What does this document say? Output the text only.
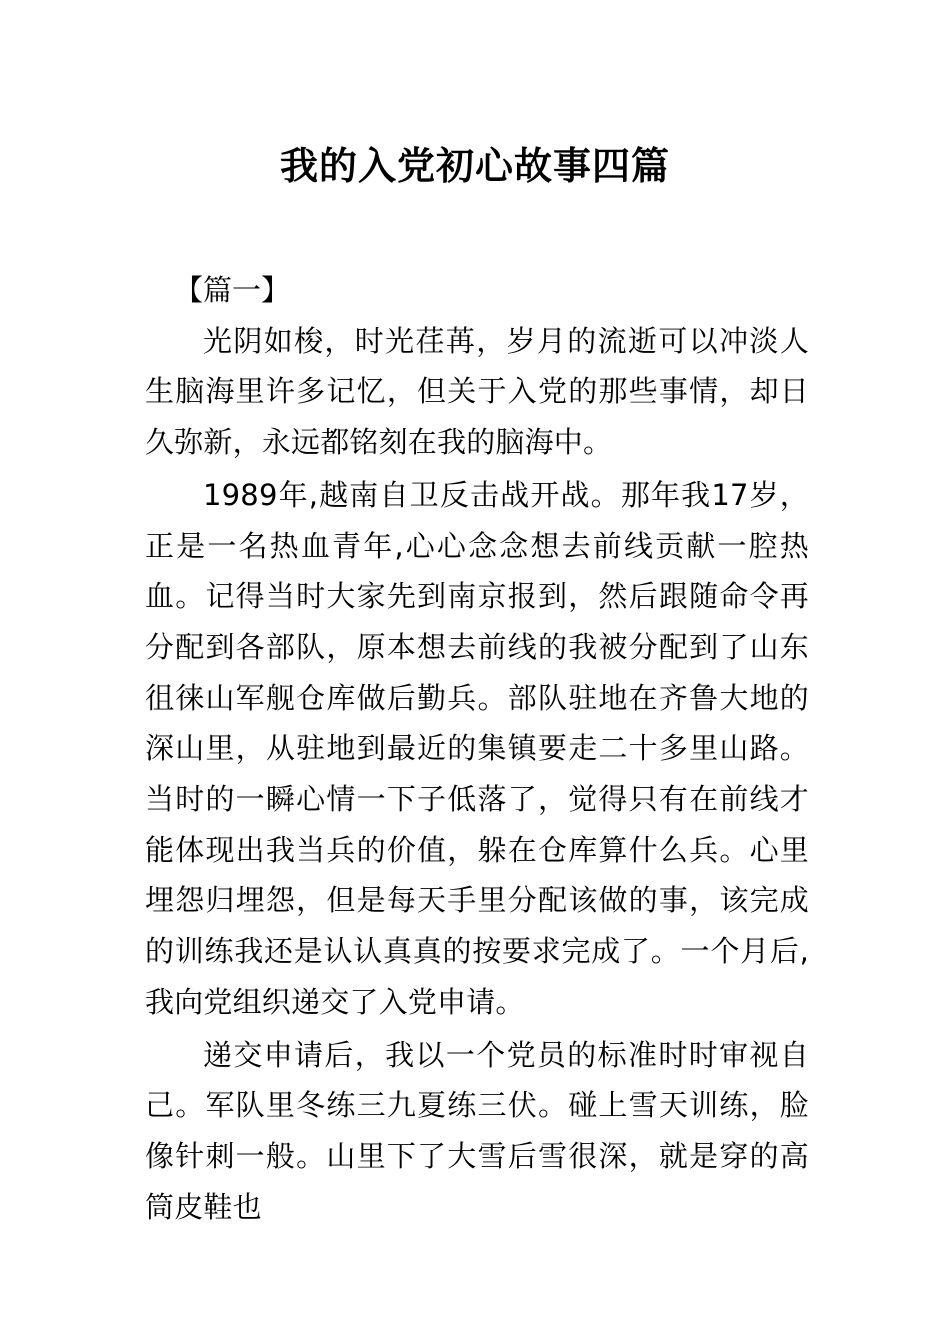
我的入党初心故事四篇

【篇一】

光阴如梭，时光荏苒，岁月的流逝可以冲淡人生脑海里许多记忆，但关于入党的那些事情，却日久弥新，永远都铭刻在我的脑海中。

1989年,越南自卫反击战开战。那年我17岁，正是一名热血青年,心心念念想去前线贡献一腔热血。记得当时大家先到南京报到，然后跟随命令再分配到各部队，原本想去前线的我被分配到了山东徂徕山军舰仓库做后勤兵。部队驻地在齐鲁大地的深山里，从驻地到最近的集镇要走二十多里山路。当时的一瞬心情一下子低落了，觉得只有在前线才能体现出我当兵的价值，躲在仓库算什么兵。心里埋怨归埋怨，但是每天手里分配该做的事，该完成的训练我还是认认真真的按要求完成了。一个月后,我向党组织递交了入党申请。

递交申请后，我以一个党员的标准时时审视自己。军队里冬练三九夏练三伏。碰上雪天训练，脸像针刺一般。山里下了大雪后雪很深，就是穿的高筒皮鞋也
